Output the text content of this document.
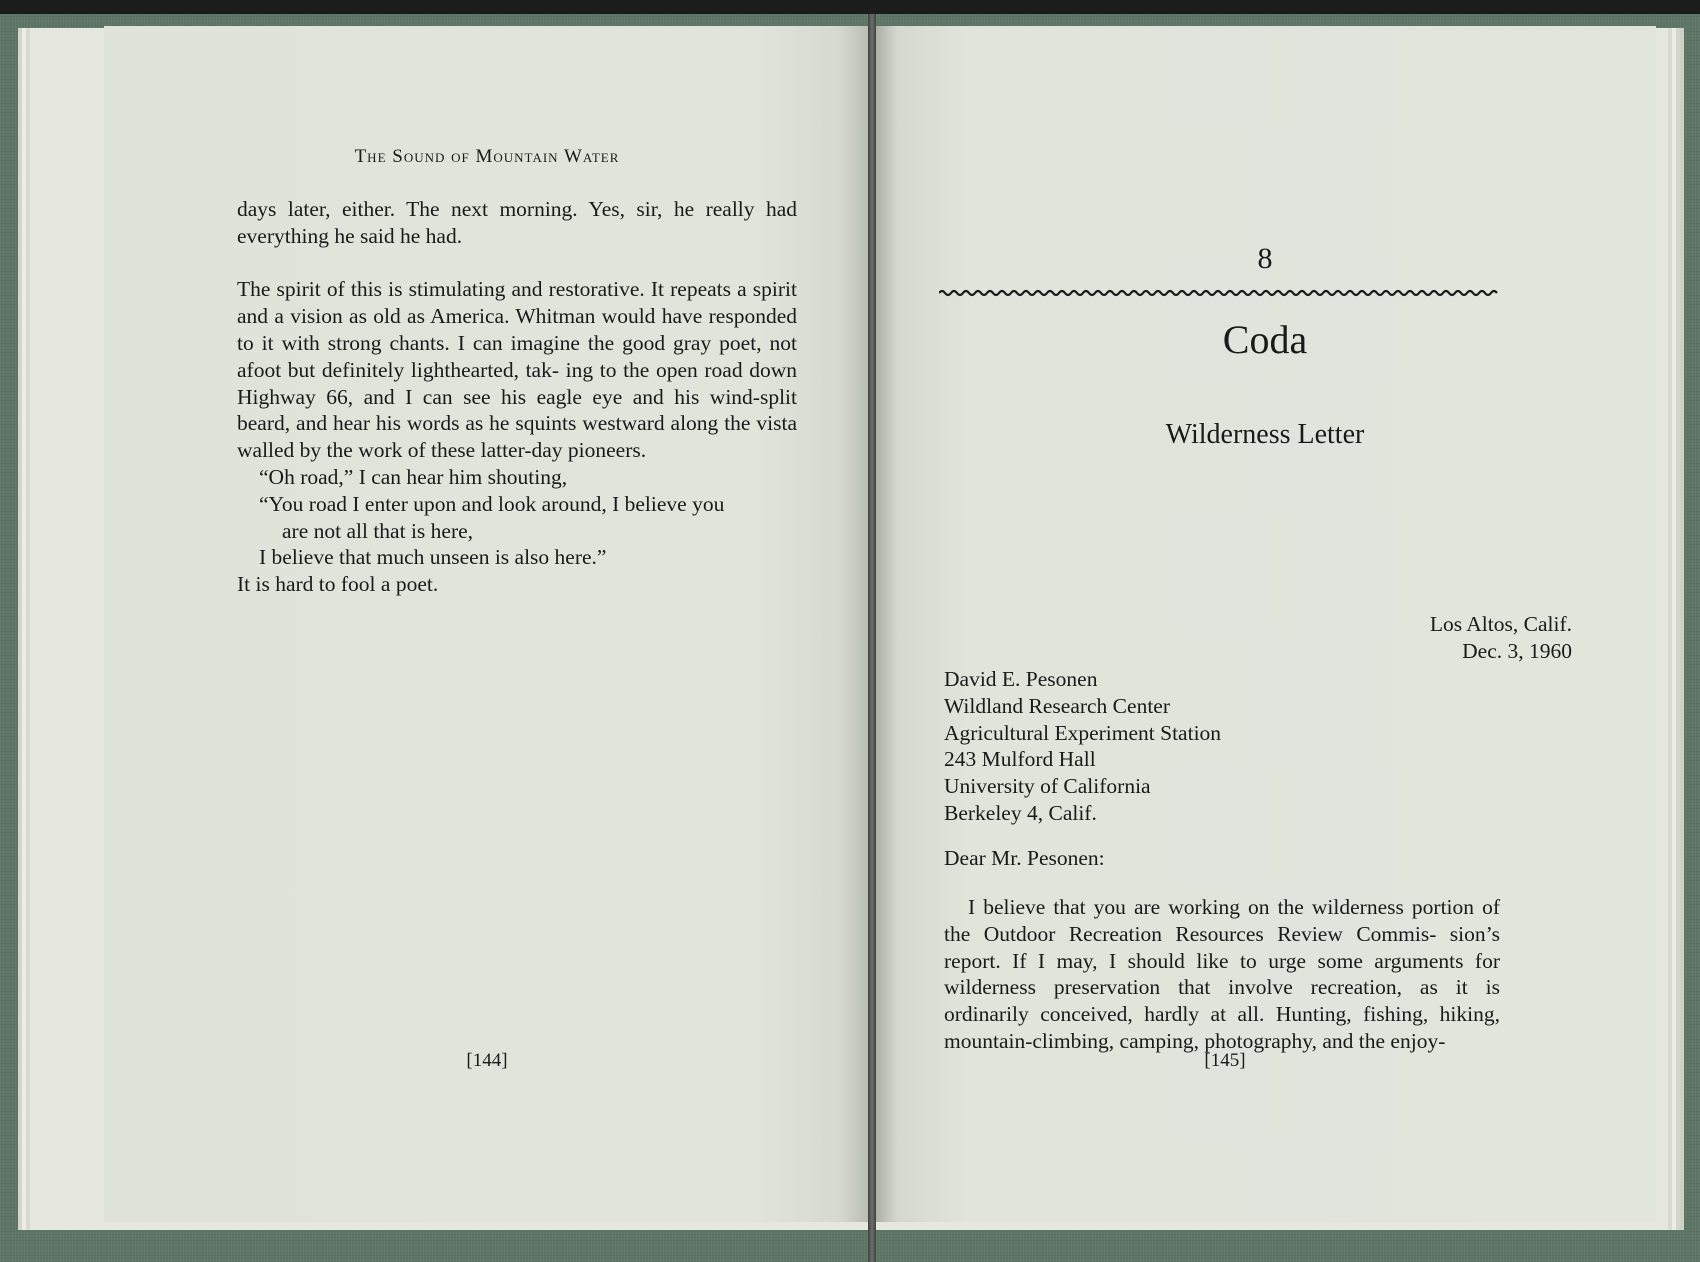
The Sound of Mountain Water

days later, either. The next morning. Yes, sir, he really had everything he said he had.

The spirit of this is stimulating and restorative. It repeats a spirit and a vision as old as America. Whitman would have responded to it with strong chants. I can imagine the good gray poet, not afoot but definitely lighthearted, tak- ing to the open road down Highway 66, and I can see his eagle eye and his wind-split beard, and hear his words as he squints westward along the vista walled by the work of these latter-day pioneers.

“Oh road,” I can hear him shouting,

“You road I enter upon and look around, I believe you

are not all that is here,

I believe that much unseen is also here.”

It is hard to fool a poet.

[144]
8
Coda
Wilderness Letter
Los Altos, Calif.
Dec. 3, 1960
David E. Pesonen
Wildland Research Center
Agricultural Experiment Station
243 Mulford Hall
University of California
Berkeley 4, Calif.
Dear Mr. Pesonen:

I believe that you are working on the wilderness portion of the Outdoor Recreation Resources Review Commis- sion’s report. If I may, I should like to urge some arguments for wilderness preservation that involve recreation, as it is ordinarily conceived, hardly at all. Hunting, fishing, hiking, mountain-climbing, camping, photography, and the enjoy-

[145]
